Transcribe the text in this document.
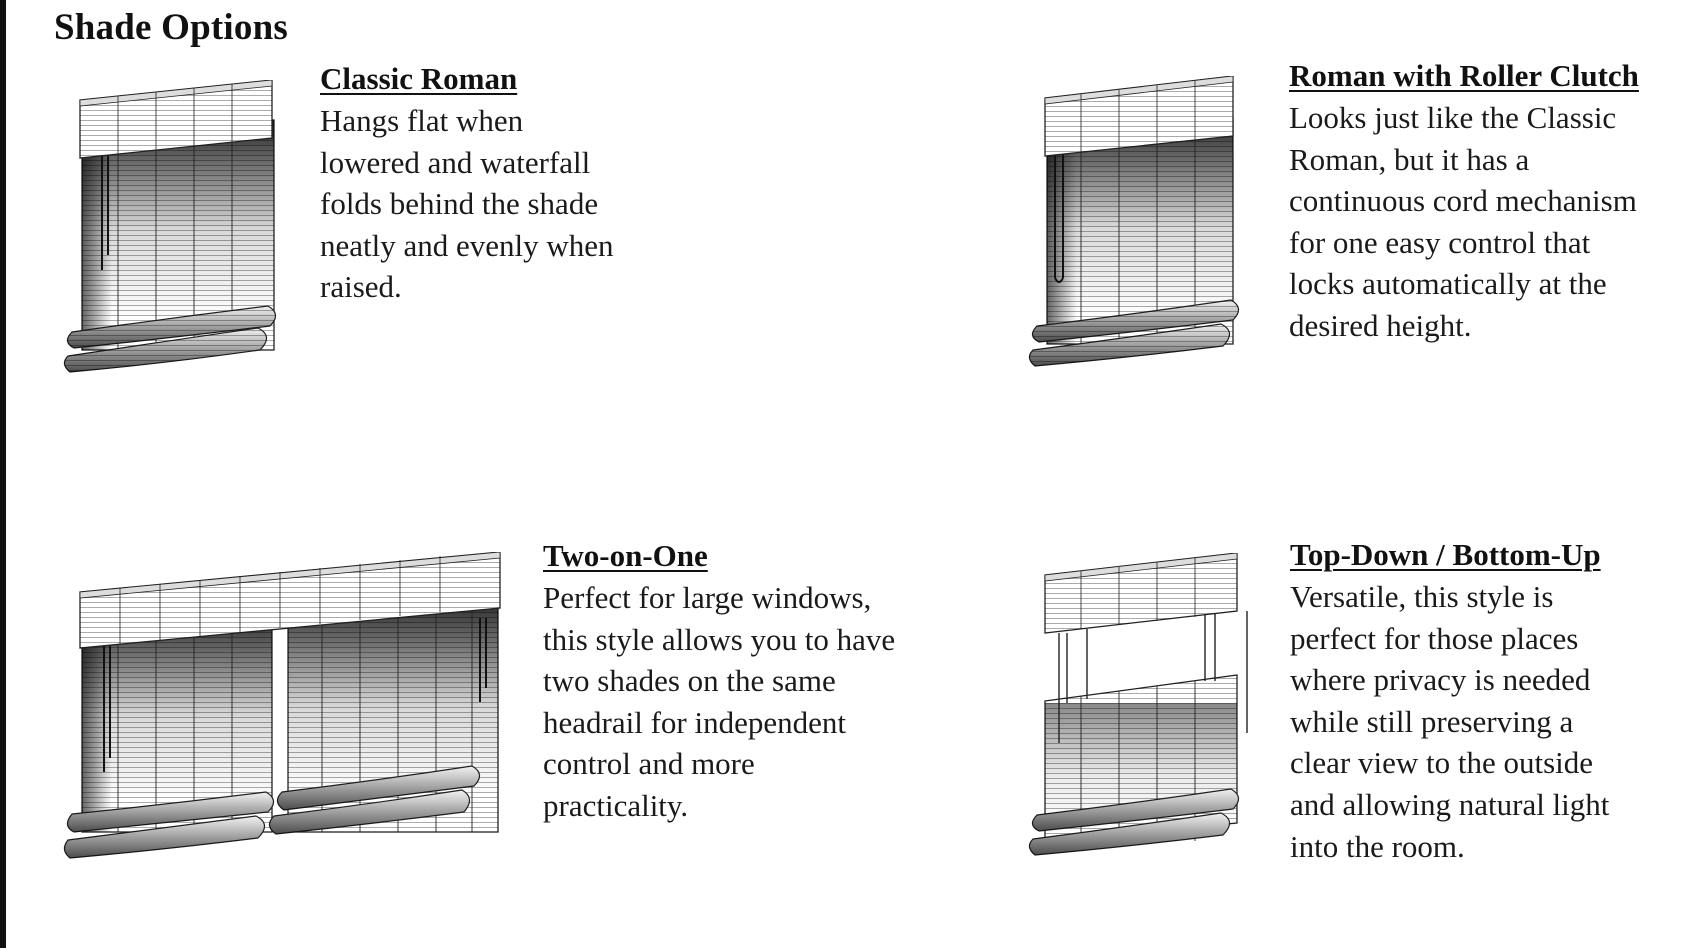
Shade Options
Classic Roman

Hangs flat when
lowered and waterfall
folds behind the shade
neatly and evenly when
raised.

Roman with Roller Clutch

Looks just like the Classic
Roman, but it has a
continuous cord mechanism
for one easy control that
locks automatically at the
desired height.

Two-on-One

Perfect for large windows,
this style allows you to have
two shades on the same
headrail for independent
control and more
practicality.

Top-Down / Bottom-Up

Versatile, this style is
perfect for those places
where privacy is needed
while still preserving a
clear view to the outside
and allowing natural light
into the room.
